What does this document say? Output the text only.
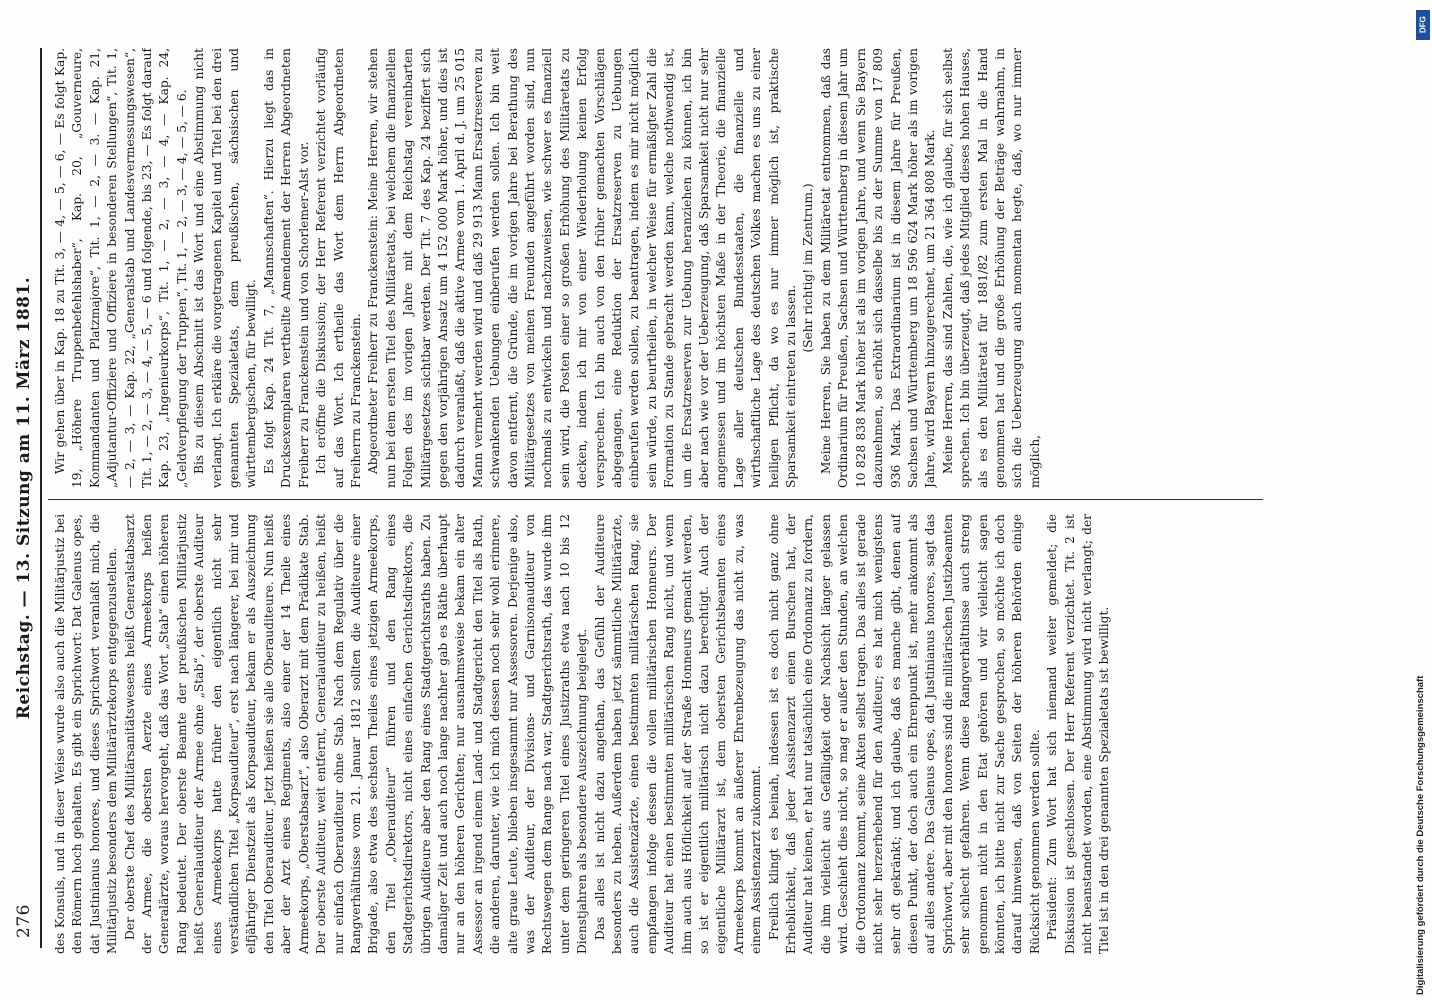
276
Reichstag. — 13. Sitzung am 11. März 1881.

des Konsuls, und in dieser Weise wurde also auch die Militärjustiz bei den Römern hoch gehalten. Es gibt ein Sprichwort: Dat Galenus opes, dat Justinianus honores, und dieses Sprichwort veranlaßt mich, die Militärjustiz besonders dem Militärärztekorps entgegenzustellen. Der oberste Chef des Militärsanitätswesens heißt Generalstabsarzt der Armee, die obersten Aerzte eines Armeekorps heißen Generalärzte, woraus hervorgeht, daß das Wort „Stab“ einen höheren Rang bedeutet. Der oberste Beamte der preußischen Militärjustiz heißt Generalauditeur der Armee ohne „Stab“, der oberste Auditeur eines Armeekorps hatte früher den eigentlich nicht sehr verständlichen Titel „Korpsauditeur“, erst nach längerer, bei mir und elfjähriger Dienstzeit als Korpsauditeur, bekam er als Auszeichnung den Titel Oberauditeur. Jetzt heißen sie alle Oberauditeure. Nun heißt aber der Arzt eines Regiments, also einer der 14 Theile eines Armeekorps, „Oberstabsarzt“, also Oberarzt mit dem Prädikate Stab. Der oberste Auditeur, weit entfernt, Generalauditeur zu heißen, heißt nur einfach Oberauditeur ohne Stab. Nach dem Regulativ über die Rangverhältnisse vom 21. Januar 1812 sollten die Auditeure einer Brigade, also etwa des sechsten Theiles eines jetzigen Armeekorps, den Titel „Oberauditeur“ führen und den Rang eines Stadtgerichtsdirektors, nicht eines einfachen Gerichtsdirektors, die übrigen Auditeure aber den Rang eines Stadtgerichtsraths haben. Zu damaliger Zeit und auch noch lange nachher gab es Räthe überhaupt nur an den höheren Gerichten; nur ausnahmsweise bekam ein alter Assessor an irgend einem Land- und Stadtgericht den Titel als Rath, die anderen, darunter, wie ich mich dessen noch sehr wohl erinnere, alte graue Leute, blieben insgesammt nur Assessoren. Derjenige also, was der Auditeur, der Divisions- und Garnisonauditeur von Rechtswegen dem Range nach war, Stadtgerichtsrath, das wurde ihm unter dem geringeren Titel eines Justizraths etwa nach 10 bis 12 Dienstjahren als besondere Auszeichnung beigelegt. Das alles ist nicht dazu angethan, das Gefühl der Auditeure besonders zu heben. Außerdem haben jetzt sämmtliche Militärärzte, auch die Assistenzärzte, einen bestimmten militärischen Rang, sie empfangen infolge dessen die vollen militärischen Honneurs. Der Auditeur hat einen bestimmten militärischen Rang nicht, und wenn ihm auch aus Höflichkeit auf der Straße Honneurs gemacht werden, so ist er eigentlich militärisch nicht dazu berechtigt. Auch der eigentliche Militärarzt ist, dem obersten Gerichtsbeamten eines Armeekorps kommt an äußerer Ehrenbezeugung das nicht zu, was einem Assistenzarzt zukommt. Freilich klingt es beinah, indessen ist es doch nicht ganz ohne Erheblichkeit, daß jeder Assistenzarzt einen Burschen hat, der Auditeur hat keinen, er hat nur tatsächlich eine Ordonnanz zu fordern, die ihm vielleicht aus Gefälligkeit oder Nachsicht länger gelassen wird. Geschieht dies nicht, so mag er außer den Stunden, an welchen die Ordonnanz kommt, seine Akten selbst tragen. Das alles ist gerade nicht sehr herzerhebend für den Auditeur; es hat mich wenigstens sehr oft gekränkt; und ich glaube, daß es manche gibt, denen auf diesen Punkt, der doch auch ein Ehrenpunkt ist, mehr ankommt als auf alles andere. Das Galenus opes, dat Justinianus honores, sagt das Sprichwort, aber mit den honores sind die militärischen Justizbeamten sehr schlecht gefahren. Wenn diese Rangverhältnisse auch streng genommen nicht in den Etat gehören und wir vielleicht sagen könnten, ich bitte nicht zur Sache gesprochen, so möchte ich doch darauf hinweisen, daß von Seiten der höheren Behörden einige Rücksicht genommen werden sollte. Präsident: Zum Wort hat sich niemand weiter gemeldet; die Diskussion ist geschlossen. Der Herr Referent verzichtet. Tit. 2 ist nicht beanstandet worden, eine Abstimmung wird nicht verlangt; der Titel ist in den drei genannten Spezialetats ist bewilligt.

Wir gehen über in Kap. 18 zu Tit. 3, — 4, — 5, — 6, — Es folgt Kap. 19, „Höhere Truppenbefehlshaber“, Kap. 20, „Gouverneure, Kommandanten und Platzmajore“, Tit. 1, — 2, — 3. — Kap. 21, „Adjutantur-Offiziere und Offiziere in besonderen Stellungen“, Tit. 1, — 2, — 3, — Kap. 22, „Generalstab und Landesvermessungswesen“, Tit. 1, — 2, — 3, — 4, — 5, — 6 und folgende, bis 23, — Es folgt darauf Kap. 23, „Ingenieurkorps“, Tit. 1, — 2, — 3, — 4, — Kap. 24, „Geldverpflegung der Truppen“, Tit. 1, — 2, — 3, — 4, — 5, — 6. Bis zu diesem Abschnitt ist das Wort und eine Abstimmung nicht verlangt. Ich erkläre die vorgetragenen Kapitel und Titel bei den drei genannten Spezialetats, dem preußischen, sächsischen und württembergischen, für bewilligt. Es folgt Kap. 24 Tit. 7, „Mannschaften“. Hierzu liegt das in Drucksexemplaren vertheilte Amendement der Herren Abgeordneten Freiherr zu Franckenstein und von Schorlemer-Alst vor. Ich eröffne die Diskussion; der Herr Referent verzichtet vorläufig auf das Wort. Ich ertheile das Wort dem Herrn Abgeordneten Freiherrn zu Franckenstein. Abgeordneter Freiherr zu Franckenstein: Meine Herren, wir stehen nun bei dem ersten Titel des Militäretats, bei welchem die finanziellen Folgen des im vorigen Jahre mit dem Reichstag vereinbarten Militärgesetzes sichtbar werden. Der Tit. 7 des Kap. 24 beziffert sich gegen den vorjährigen Ansatz um 4 152 000 Mark höher, und dies ist dadurch veranlaßt, daß die aktive Armee vom 1. April d. J. um 25 015 Mann vermehrt werden wird und daß 29 913 Mann Ersatzreserven zu schwankenden Uebungen einberufen werden sollen. Ich bin weit davon entfernt, die Gründe, die im vorigen Jahre bei Berathung des Militärgesetzes von meinen Freunden angeführt worden sind, nun nochmals zu entwickeln und nachzuweisen, wie schwer es finanziell sein wird, die Posten einer so großen Erhöhung des Militäretats zu decken, indem ich mir von einer Wiederholung keinen Erfolg versprechen. Ich bin auch von den früher gemachten Vorschlägen abgegangen, eine Reduktion der Ersatzreserven zu Uebungen einberufen werden sollen, zu beantragen, indem es mir nicht möglich sein würde, zu beurtheilen, in welcher Weise für ermäßigter Zahl die Formation zu Stande gebracht werden kann, welche nothwendig ist, um die Ersatzreserven zur Uebung heranziehen zu können, ich bin aber nach wie vor der Ueberzeugung, daß Sparsamkeit nicht nur sehr angemessen und im höchsten Maße in der Theorie, die finanzielle Lage aller deutschen Bundesstaaten, die finanzielle und wirthschaftliche Lage des deutschen Volkes machen es uns zu einer heiligen Pflicht, da wo es nur immer möglich ist, praktische Sparsamkeit eintreten zu lassen.

(Sehr richtig! im Zentrum.) Meine Herren, Sie haben zu dem Militäretat entnommen, daß das Ordinarium für Preußen, Sachsen und Württemberg in diesem Jahr um 10 828 838 Mark höher ist als im vorigen Jahre, und wenn Sie Bayern dazunehmen, so erhöht sich dasselbe bis zu der Summe von 17 809 936 Mark. Das Extraordinarium ist in diesem Jahre für Preußen, Sachsen und Württemberg um 18 596 624 Mark höher als im vorigen Jahre, wird Bayern hinzugerechnet, um 21 364 808 Mark. Meine Herren, das sind Zahlen, die, wie ich glaube, für sich selbst sprechen. Ich bin überzeugt, daß jedes Mitglied dieses hohen Hauses, als es den Militäretat für 1881/82 zum ersten Mal in die Hand genommen hat und die große Erhöhung der Beträge wahrnahm, in sich die Ueberzeugung auch momentan hegte, daß, wo nur immer möglich,

Digitalisierung gefördert durch die Deutsche Forschungsgemeinschaft
DFG
